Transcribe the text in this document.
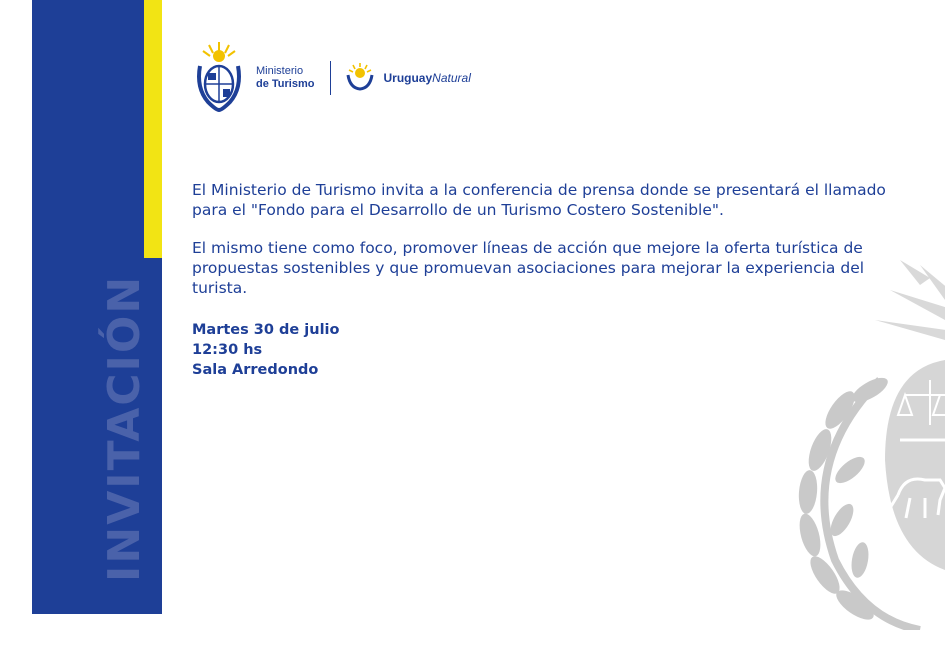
INVITACIÓN
Ministerio
de Turismo	UruguayNatural

El Ministerio de Turismo invita a la conferencia de prensa donde se presentará el llamado para el "Fondo para el Desarrollo de un Turismo Costero Sostenible".

El mismo tiene como foco, promover líneas de acción que mejore la oferta turística de propuestas sostenibles y que promuevan asociaciones para mejorar la experiencia del turista.

Martes 30 de julio
12:30 hs
Sala Arredondo
